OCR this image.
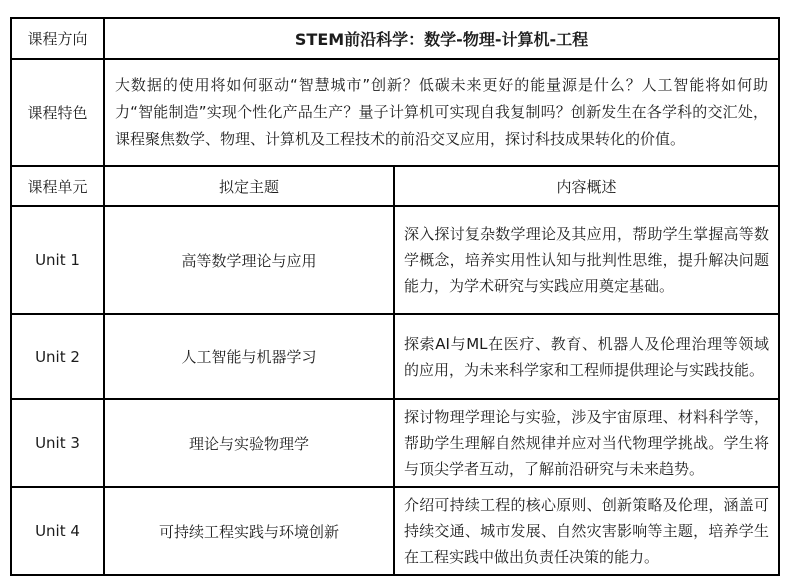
课程方向	STEM前沿科学：数学-物理-计算机-工程	
课程特色	大数据的使用将如何驱动“智慧城市”创新？低碳未来更好的能量源是什么？人工智能将如何助力“智能制造”实现个性化产品生产？量子计算机可实现自我复制吗？创新发生在各学科的交汇处，课程聚焦数学、物理、计算机及工程技术的前沿交叉应用，探讨科技成果转化的价值。	
课程单元	拟定主题	内容概述
Unit 1	高等数学理论与应用	深入探讨复杂数学理论及其应用，帮助学生掌握高等数学概念，培养实用性认知与批判性思维，提升解决问题能力，为学术研究与实践应用奠定基础。
Unit 2	人工智能与机器学习	探索AI与ML在医疗、教育、机器人及伦理治理等领域的应用，为未来科学家和工程师提供理论与实践技能。
Unit 3	理论与实验物理学	探讨物理学理论与实验，涉及宇宙原理、材料科学等，帮助学生理解自然规律并应对当代物理学挑战。学生将与顶尖学者互动，了解前沿研究与未来趋势。
Unit 4	可持续工程实践与环境创新	介绍可持续工程的核心原则、创新策略及伦理，涵盖可持续交通、城市发展、自然灾害影响等主题，培养学生在工程实践中做出负责任决策的能力。
